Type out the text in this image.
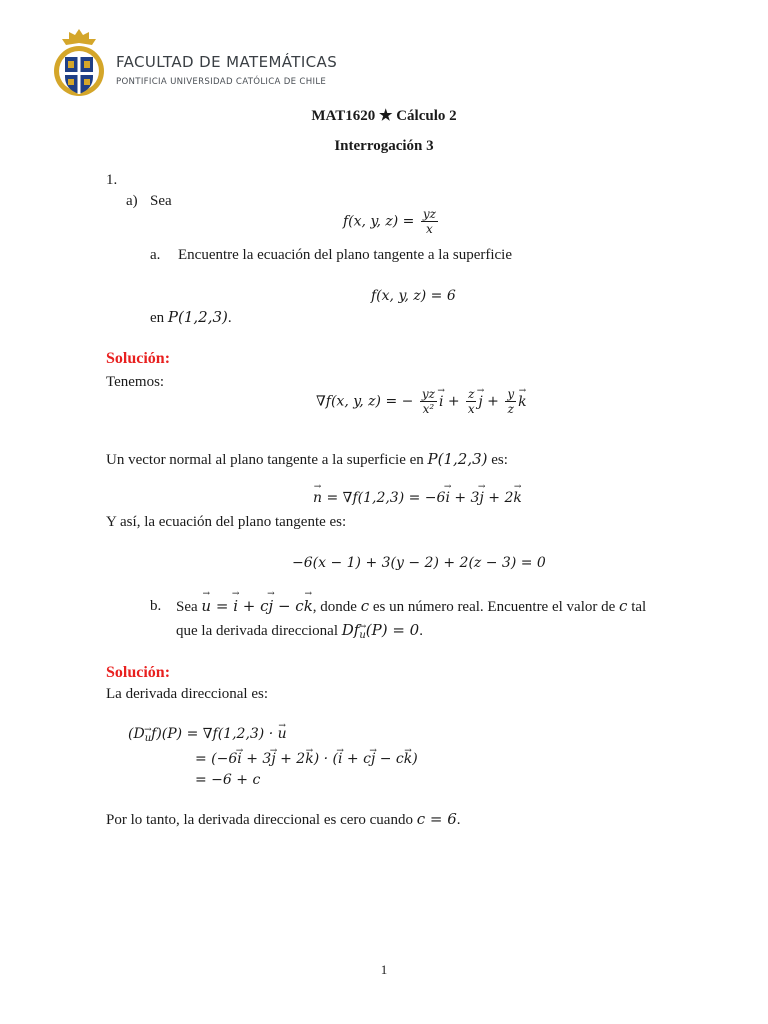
FACULTAD DE MATEMÁTICAS
PONTIFICIA UNIVERSIDAD CATÓLICA DE CHILE
MAT1620 ★ Cálculo 2
Interrogación 3
1.
a) Sea
f(x, y, $z) = \frac{yz}{x}$
a. Encuentre la ecuación del plano tangente a la superficie
f(x, y, z) = 6
en P(1,2,3).
Solución:
Tenemos:
∇f(x, y, z) = − $\frac{yz}{\text{x²}}$ i → + $\frac{z}{x}$ j → + $\frac{y}{z}$ k →
Un vector normal al plano tangente a la superficie en P(1,2,3) es:
n → = ∇f(1,2,3) = −6i → + 3j → + 2k →
Y así, la ecuación del plano tangente es:
−6(x − 1) + 3(y − 2) + 2(z − 3) = 0
b. Sea u → = i → + cj → − ck →, donde c es un número real. Encuentre el valor de c tal
que la derivada direccional Dfu →(P) = 0.
Solución:
La derivada direccional es:
(Du →f)(P) = ∇f(1,2,3) · u →
= (−6i → + 3j → + 2k →) · (i → + cj → − ck →)
= −6 + c
Por lo tanto, la derivada direccional es cero cuando c = 6.
1
